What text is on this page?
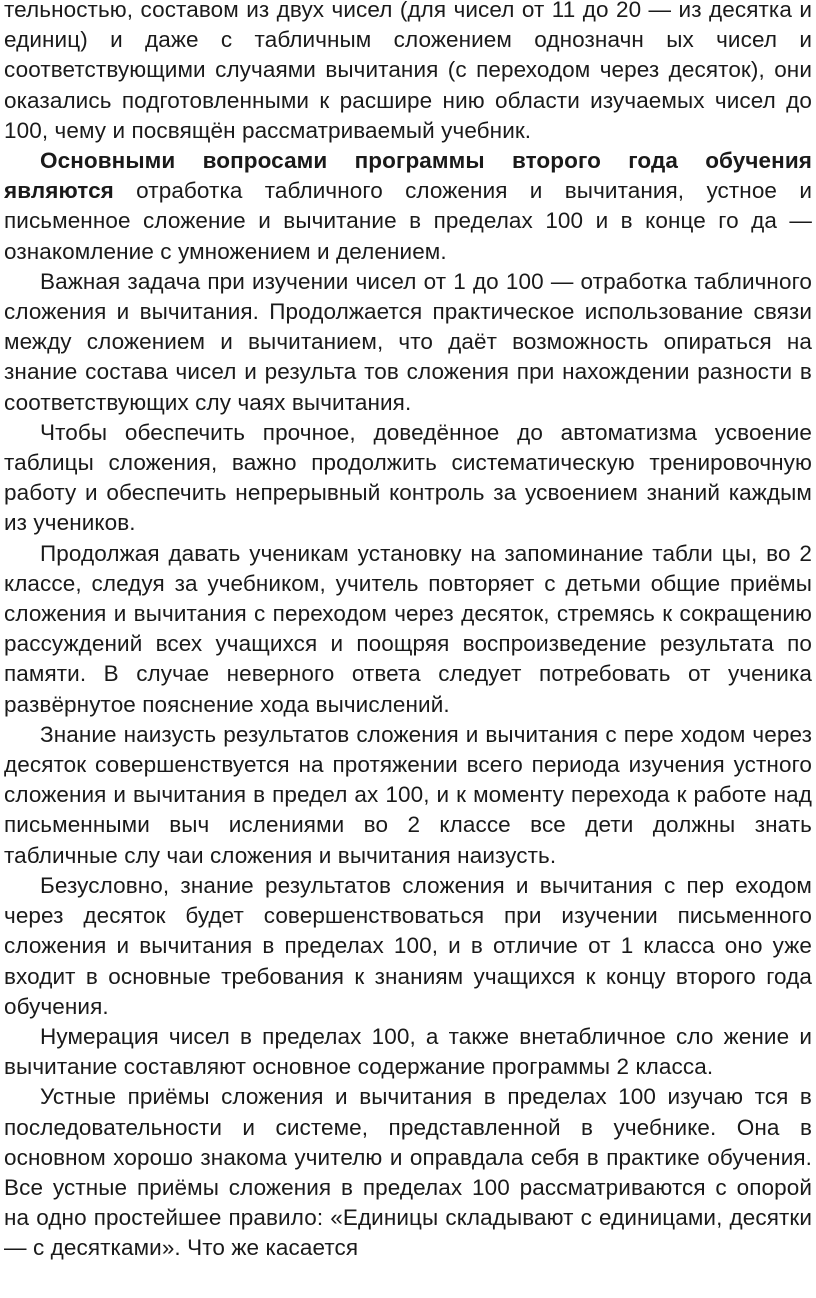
тельностью, составом из двух чисел (для чисел от 11 до 20 — из десятка и единиц) и даже с табличным сложением однозначн ых чисел и соответствующими случаями вычитания (с переходом через десяток), они оказались подготовленными к расшире нию области изучаемых чисел до 100, чему и посвящён рассматриваемый учебник.

Основными вопросами программы второго года обучения являются отработка табличного сложения и вычитания, устное и письменное сложение и вычитание в пределах 100 и в конце го да — ознакомление с умножением и делением.

Важная задача при изучении чисел от 1 до 100 — отработка табличного сложения и вычитания. Продолжается практическое использование связи между сложением и вычитанием, что даёт возможность опираться на знание состава чисел и результа тов сложения при нахождении разности в соответствующих слу чаях вычитания.

Чтобы обеспечить прочное, доведённое до автоматизма усвоение таблицы сложения, важно продолжить систематическую тренировочную работу и обеспечить непрерывный контроль за усвоением знаний каждым из учеников.

Продолжая давать ученикам установку на запоминание табли цы, во 2 классе, следуя за учебником, учитель повторяет с детьми общие приёмы сложения и вычитания с переходом через десяток, стремясь к сокращению рассуждений всех учащихся и поощряя воспроизведение результата по памяти. В случае неверного ответа следует потребовать от ученика развёрнутое пояснение хода вычислений.

Знание наизусть результатов сложения и вычитания с пере ходом через десяток совершенствуется на протяжении всего периода изучения устного сложения и вычитания в предел ах 100, и к моменту перехода к работе над письменными выч ислениями во 2 классе все дети должны знать табличные слу чаи сложения и вычитания наизусть.

Безусловно, знание результатов сложения и вычитания с пер еходом через десяток будет совершенствоваться при изучении письменного сложения и вычитания в пределах 100, и в отличие от 1 класса оно уже входит в основные требования к знаниям учащихся к концу второго года обучения.

Нумерация чисел в пределах 100, а также внетабличное сло жение и вычитание составляют основное содержание программы 2 класса.

Устные приёмы сложения и вычитания в пределах 100 изучаю тся в последовательности и системе, представленной в учебнике. Она в основном хорошо знакома учителю и оправдала себя в практике обучения. Все устные приёмы сложения в пределах 100 рассматриваются с опорой на одно простейшее правило: «Единицы складывают с единицами, десятки — с десятками». Что же касается
